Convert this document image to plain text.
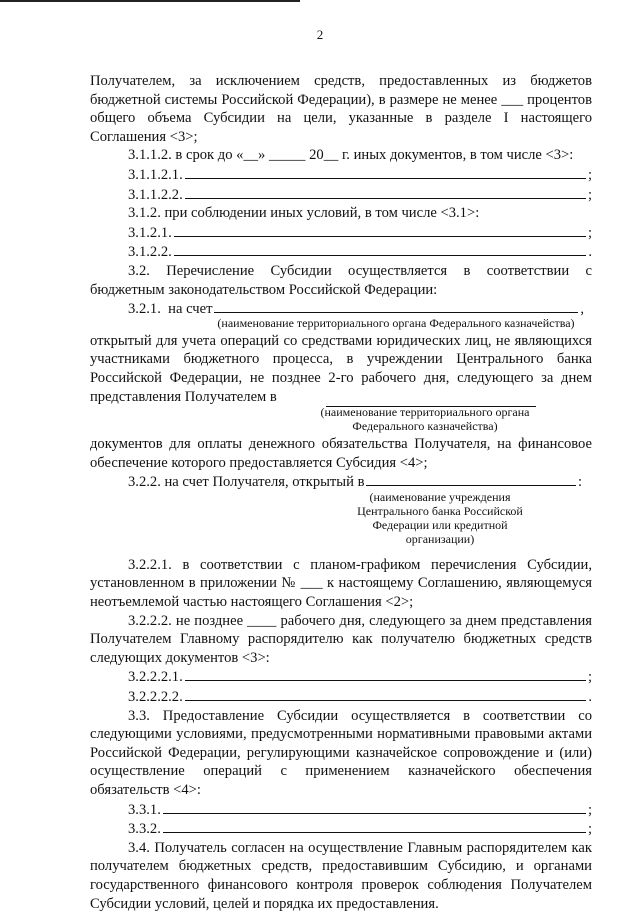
2

Получателем, за исключением средств, предоставленных из бюджетов бюджетной системы Российской Федерации), в размере не менее ___ процентов общего объема Субсидии на цели, указанные в разделе I настоящего Соглашения <3>;

3.1.1.2. в срок до «__» _____ 20__ г. иных документов, в том числе <3>:

3.1.1.2.1.	;
3.1.1.2.2.	;

3.1.2. при соблюдении иных условий, в том числе <3.1>:

3.1.2.1.	;
3.1.2.2.	.

3.2. Перечисление Субсидии осуществляется в соответствии с бюджетным законодательством Российской Федерации:

3.2.1.  на счет	,
(наименование территориального органа Федерального казначейства)

открытый для учета операций со средствами юридических лиц, не являющихся участниками бюджетного процесса, в учреждении Центрального банка Российской Федерации, не позднее 2-го рабочего дня, следующего за днем представления Получателем в

(наименование территориального органа Федерального казначейства)

документов для оплаты денежного обязательства Получателя, на финансовое обеспечение которого предоставляется Субсидия <4>;

3.2.2. на счет Получателя, открытый в	:
(наименование учреждения Центрального банка Российской Федерации или кредитной организации)

3.2.2.1. в соответствии с планом-графиком перечисления Субсидии, установленном в приложении № ___ к настоящему Соглашению, являющемуся неотъемлемой частью настоящего Соглашения <2>;

3.2.2.2. не позднее ____ рабочего дня, следующего за днем представления Получателем Главному распорядителю как получателю бюджетных средств следующих документов <3>:

3.2.2.2.1.	;
3.2.2.2.2.	.

3.3. Предоставление Субсидии осуществляется в соответствии со следующими условиями, предусмотренными нормативными правовыми актами Российской Федерации, регулирующими казначейское сопровождение и (или) осуществление операций с применением казначейского обеспечения обязательств <4>:

3.3.1.	;
3.3.2.	;

3.4. Получатель согласен на осуществление Главным распорядителем как получателем бюджетных средств, предоставившим Субсидию, и органами государственного финансового контроля проверок соблюдения Получателем Субсидии условий, целей и порядка их предоставления.
